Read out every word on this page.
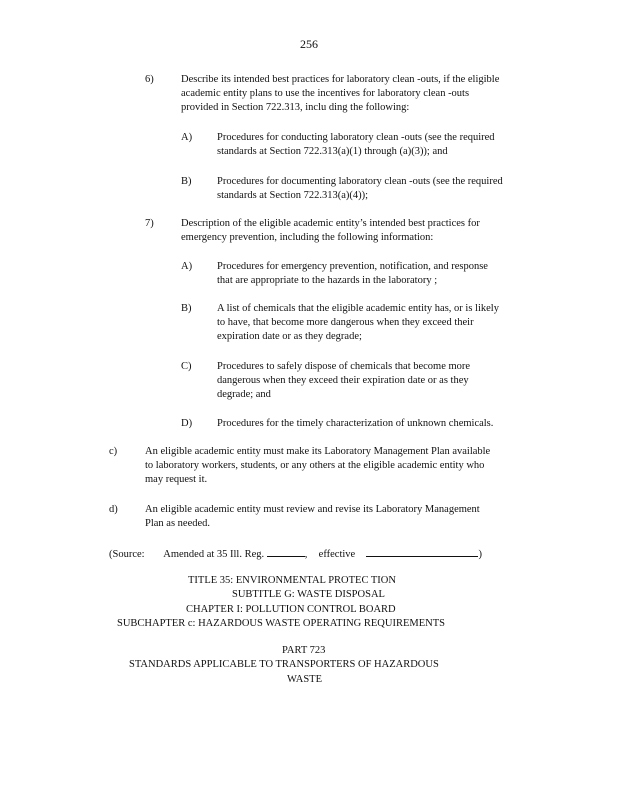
256
6)	Describe its intended best practices for laboratory clean -outs, if the eligible

academic entity plans to use the incentives for laboratory clean -outs

provided in Section 722.313, inclu ding the following:

A) Procedures for conducting laboratory clean -outs (see the required

standards at Section 722.313(a)(1) through (a)(3)); and

B) Procedures for documenting laboratory clean -outs (see the required

standards at Section 722.313(a)(4));

7)	Description of the eligible academic entity’s intended best practices for

emergency prevention, including the following information:

A) Procedures for emergency prevention, notification, and response

that are appropriate to the hazards in the laboratory ;

B) A list of chemicals that the eligible academic entity has, or is likely

to have, that become more dangerous when they exceed their

expiration date or as they degrade;

C) Procedures to safely dispose of chemicals that become more

dangerous when they exceed their expiration date or as they

degrade; and

D) Procedures for the timely characterization of unknown chemicals.

c)	An eligible academic entity must make its Laboratory Management Plan available

to laboratory workers, students, or any others at the eligible academic entity who

may request it.

d)	An eligible academic entity must review and revise its Laboratory Management

Plan as needed.

(Source: Amended at 35 Ill. Reg.	, effective	)
TITLE 35: ENVIRONMENTAL PROTEC TION
SUBTITLE G: WASTE DISPOSAL
CHAPTER I: POLLUTION CONTROL BOARD
SUBCHAPTER c: HAZARDOUS WASTE OPERATING REQUIREMENTS
PART 723
STANDARDS APPLICABLE TO TRANSPORTERS OF HAZARDOUS
WASTE
